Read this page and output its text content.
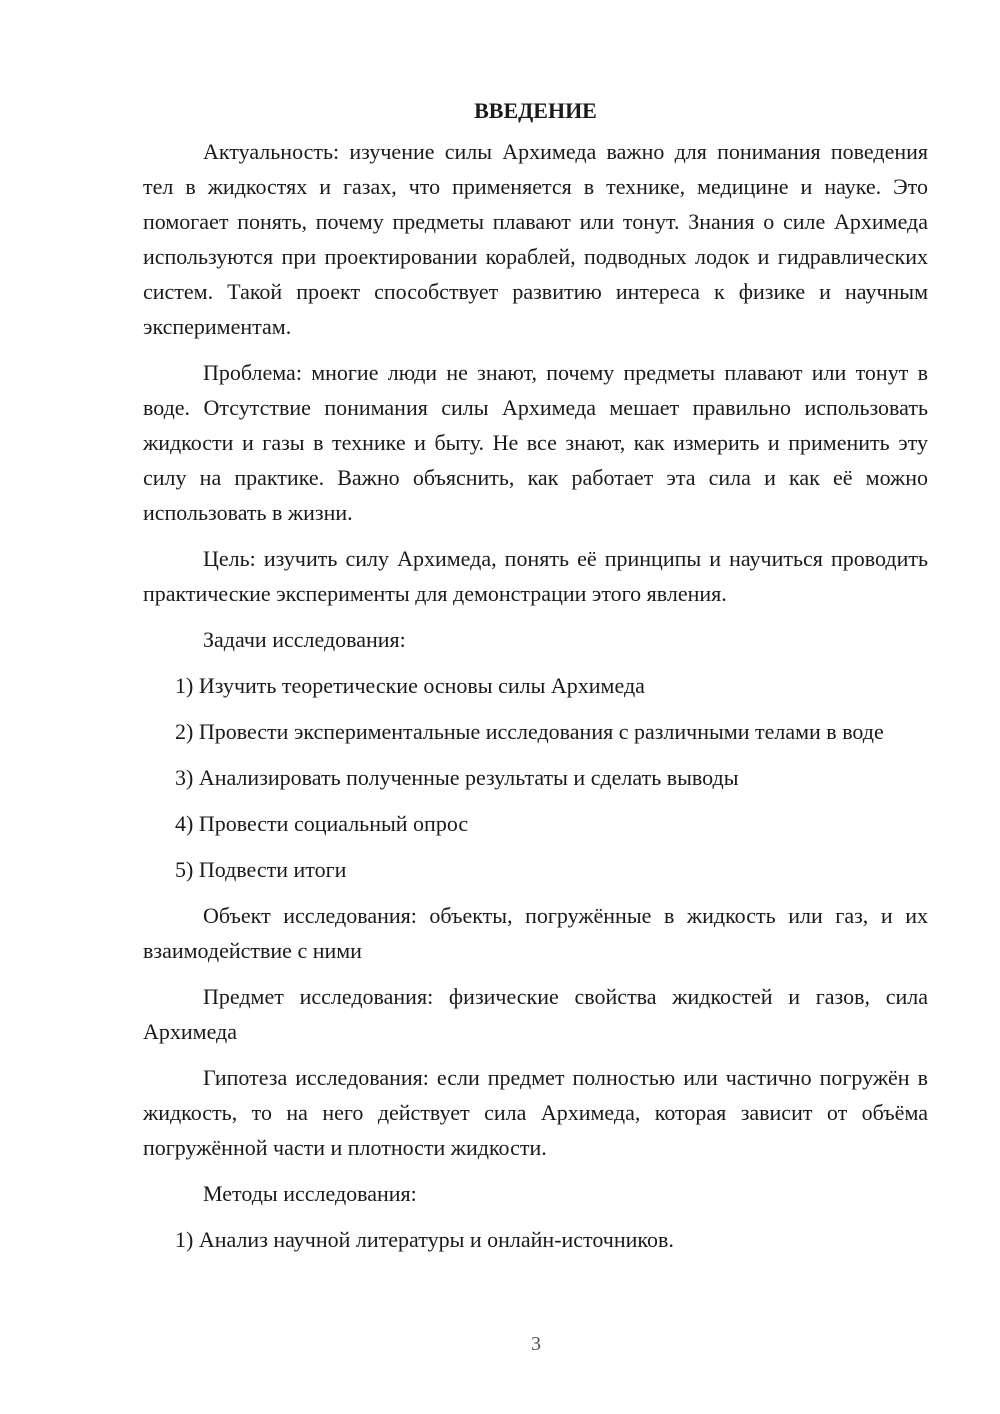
ВВЕДЕНИЕ

Актуальность: изучение силы Архимеда важно для понимания поведения тел в жидкостях и газах, что применяется в технике, медицине и науке. Это помогает понять, почему предметы плавают или тонут. Знания о силе Архимеда используются при проектировании кораблей, подводных лодок и гидравлических систем. Такой проект способствует развитию интереса к физике и научным экспериментам.

Проблема: многие люди не знают, почему предметы плавают или тонут в воде. Отсутствие понимания силы Архимеда мешает правильно использовать жидкости и газы в технике и быту. Не все знают, как измерить и применить эту силу на практике. Важно объяснить, как работает эта сила и как её можно использовать в жизни.

Цель: изучить силу Архимеда, понять её принципы и научиться проводить практические эксперименты для демонстрации этого явления.

Задачи исследования:

1) Изучить теоретические основы силы Архимеда

2) Провести экспериментальные исследования с различными телами в воде

3) Анализировать полученные результаты и сделать выводы

4) Провести социальный опрос

5) Подвести итоги

Объект исследования: объекты, погружённые в жидкость или газ, и их взаимодействие с ними

Предмет исследования: физические свойства жидкостей и газов, сила Архимеда

Гипотеза исследования: если предмет полностью или частично погружён в жидкость, то на него действует сила Архимеда, которая зависит от объёма погружённой части и плотности жидкости.

Методы исследования:

1) Анализ научной литературы и онлайн-источников.

3
